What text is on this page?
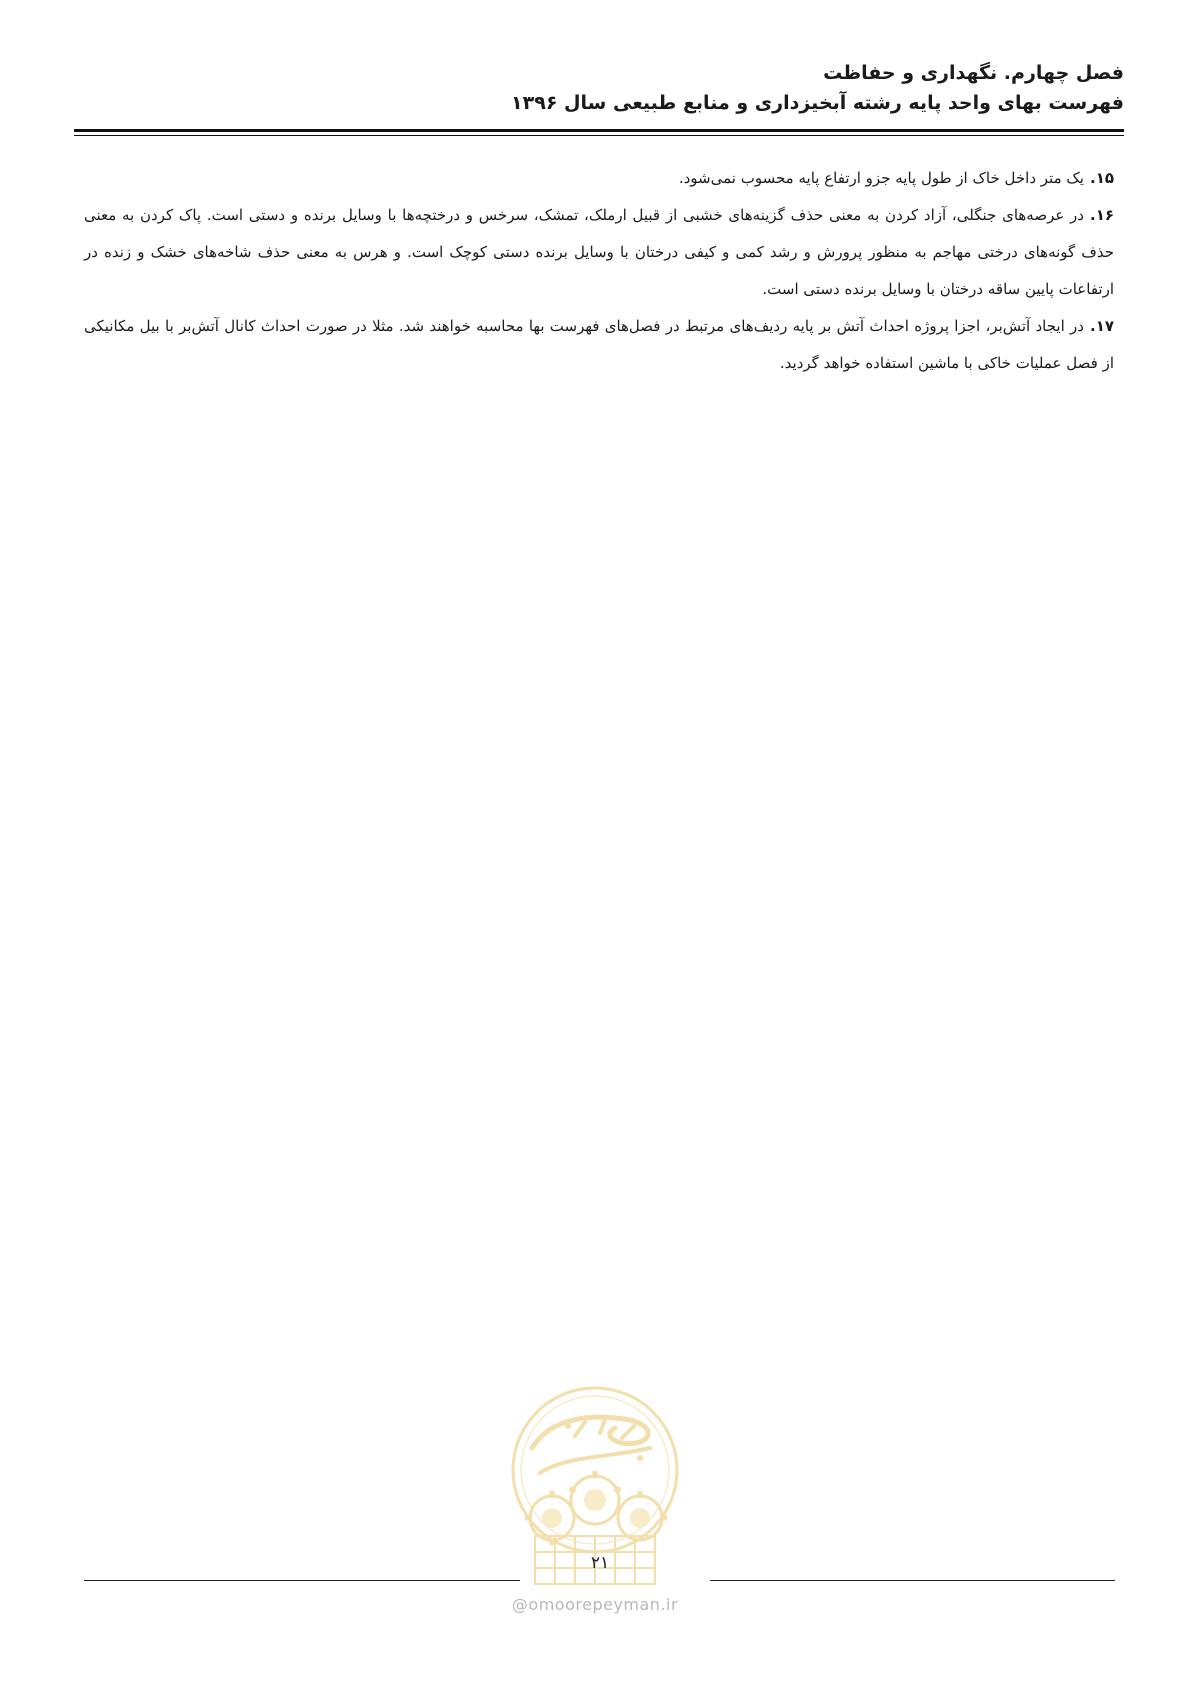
فصل چهارم. نگهداری و حفاظت
فهرست بهای واحد پایه رشته آبخیزداری و منابع طبیعی سال ۱۳۹۶

۱۵.یک متر داخل خاک از طول پایه جزو ارتفاع پایه محسوب نمی‌شود.

۱۶.در عرصه‌های جنگلی، آزاد کردن به معنی حذف گزینه‌های خشبی از قبیل ارملک، تمشک، سرخس و درختچه‌ها با وسایل برنده و دستی است. پاک کردن به معنی حذف گونه‌های درختی مهاجم به منظور پرورش و رشد کمی و کیفی درختان با وسایل برنده دستی کوچک است. و هرس به معنی حذف شاخه‌های خشک و زنده در ارتفاعات پایین ساقه درختان با وسایل برنده دستی است.

۱۷.در ایجاد آتش‌بر، اجزا پروژه احداث آتش بر پایه ردیف‌های مرتبط در فصل‌های فهرست بها محاسبه خواهند شد. مثلا در صورت احداث کانال آتش‌بر با بیل مکانیکی از فصل عملیات خاکی با ماشین استفاده خواهد گردید.

۲۱
@omoorepeyman.ir
